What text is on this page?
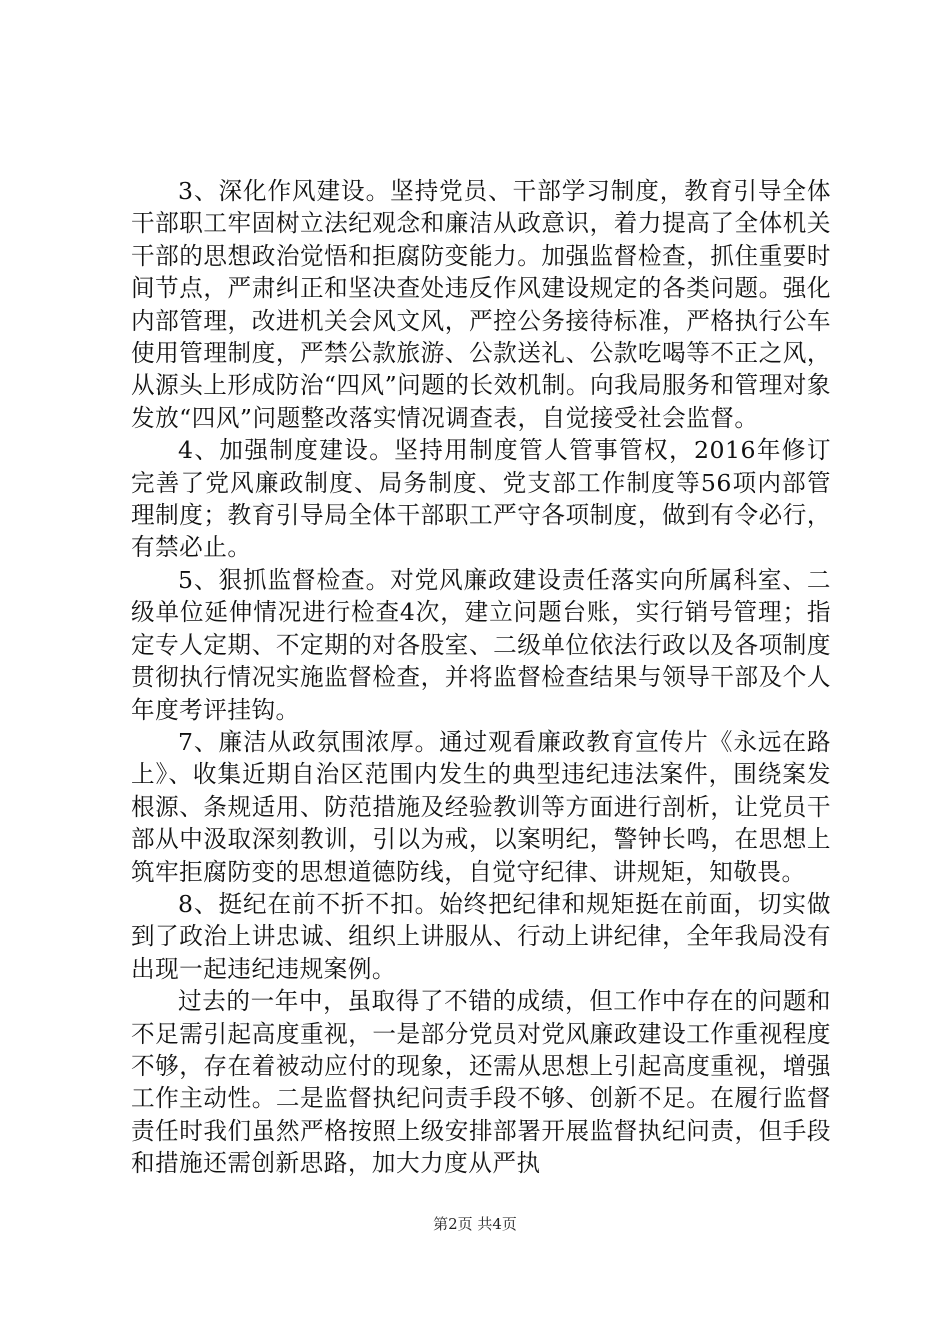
3、深化作风建设。坚持党员、干部学习制度，教育引导全体干部职工牢固树立法纪观念和廉洁从政意识，着力提高了全体机关干部的思想政治觉悟和拒腐防变能力。加强监督检查，抓住重要时间节点，严肃纠正和坚决查处违反作风建设规定的各类问题。强化内部管理，改进机关会风文风，严控公务接待标准，严格执行公车使用管理制度，严禁公款旅游、公款送礼、公款吃喝等不正之风，从源头上形成防治“四风”问题的长效机制。向我局服务和管理对象发放“四风”问题整改落实情况调查表，自觉接受社会监督。

4、加强制度建设。坚持用制度管人管事管权，2016年修订完善了党风廉政制度、局务制度、党支部工作制度等56项内部管理制度；教育引导局全体干部职工严守各项制度，做到有令必行，有禁必止。

5、狠抓监督检查。对党风廉政建设责任落实向所属科室、二级单位延伸情况进行检查4次，建立问题台账，实行销号管理；指定专人定期、不定期的对各股室、二级单位依法行政以及各项制度贯彻执行情况实施监督检查，并将监督检查结果与领导干部及个人年度考评挂钩。

7、廉洁从政氛围浓厚。通过观看廉政教育宣传片《永远在路上》、收集近期自治区范围内发生的典型违纪违法案件，围绕案发根源、条规适用、防范措施及经验教训等方面进行剖析，让党员干部从中汲取深刻教训，引以为戒，以案明纪，警钟长鸣，在思想上筑牢拒腐防变的思想道德防线，自觉守纪律、讲规矩，知敬畏。

8、挺纪在前不折不扣。始终把纪律和规矩挺在前面，切实做到了政治上讲忠诚、组织上讲服从、行动上讲纪律，全年我局没有出现一起违纪违规案例。

过去的一年中，虽取得了不错的成绩，但工作中存在的问题和不足需引起高度重视，一是部分党员对党风廉政建设工作重视程度不够，存在着被动应付的现象，还需从思想上引起高度重视，增强工作主动性。二是监督执纪问责手段不够、创新不足。在履行监督责任时我们虽然严格按照上级安排部署开展监督执纪问责，但手段和措施还需创新思路，加大力度从严执

第2页 共4页
